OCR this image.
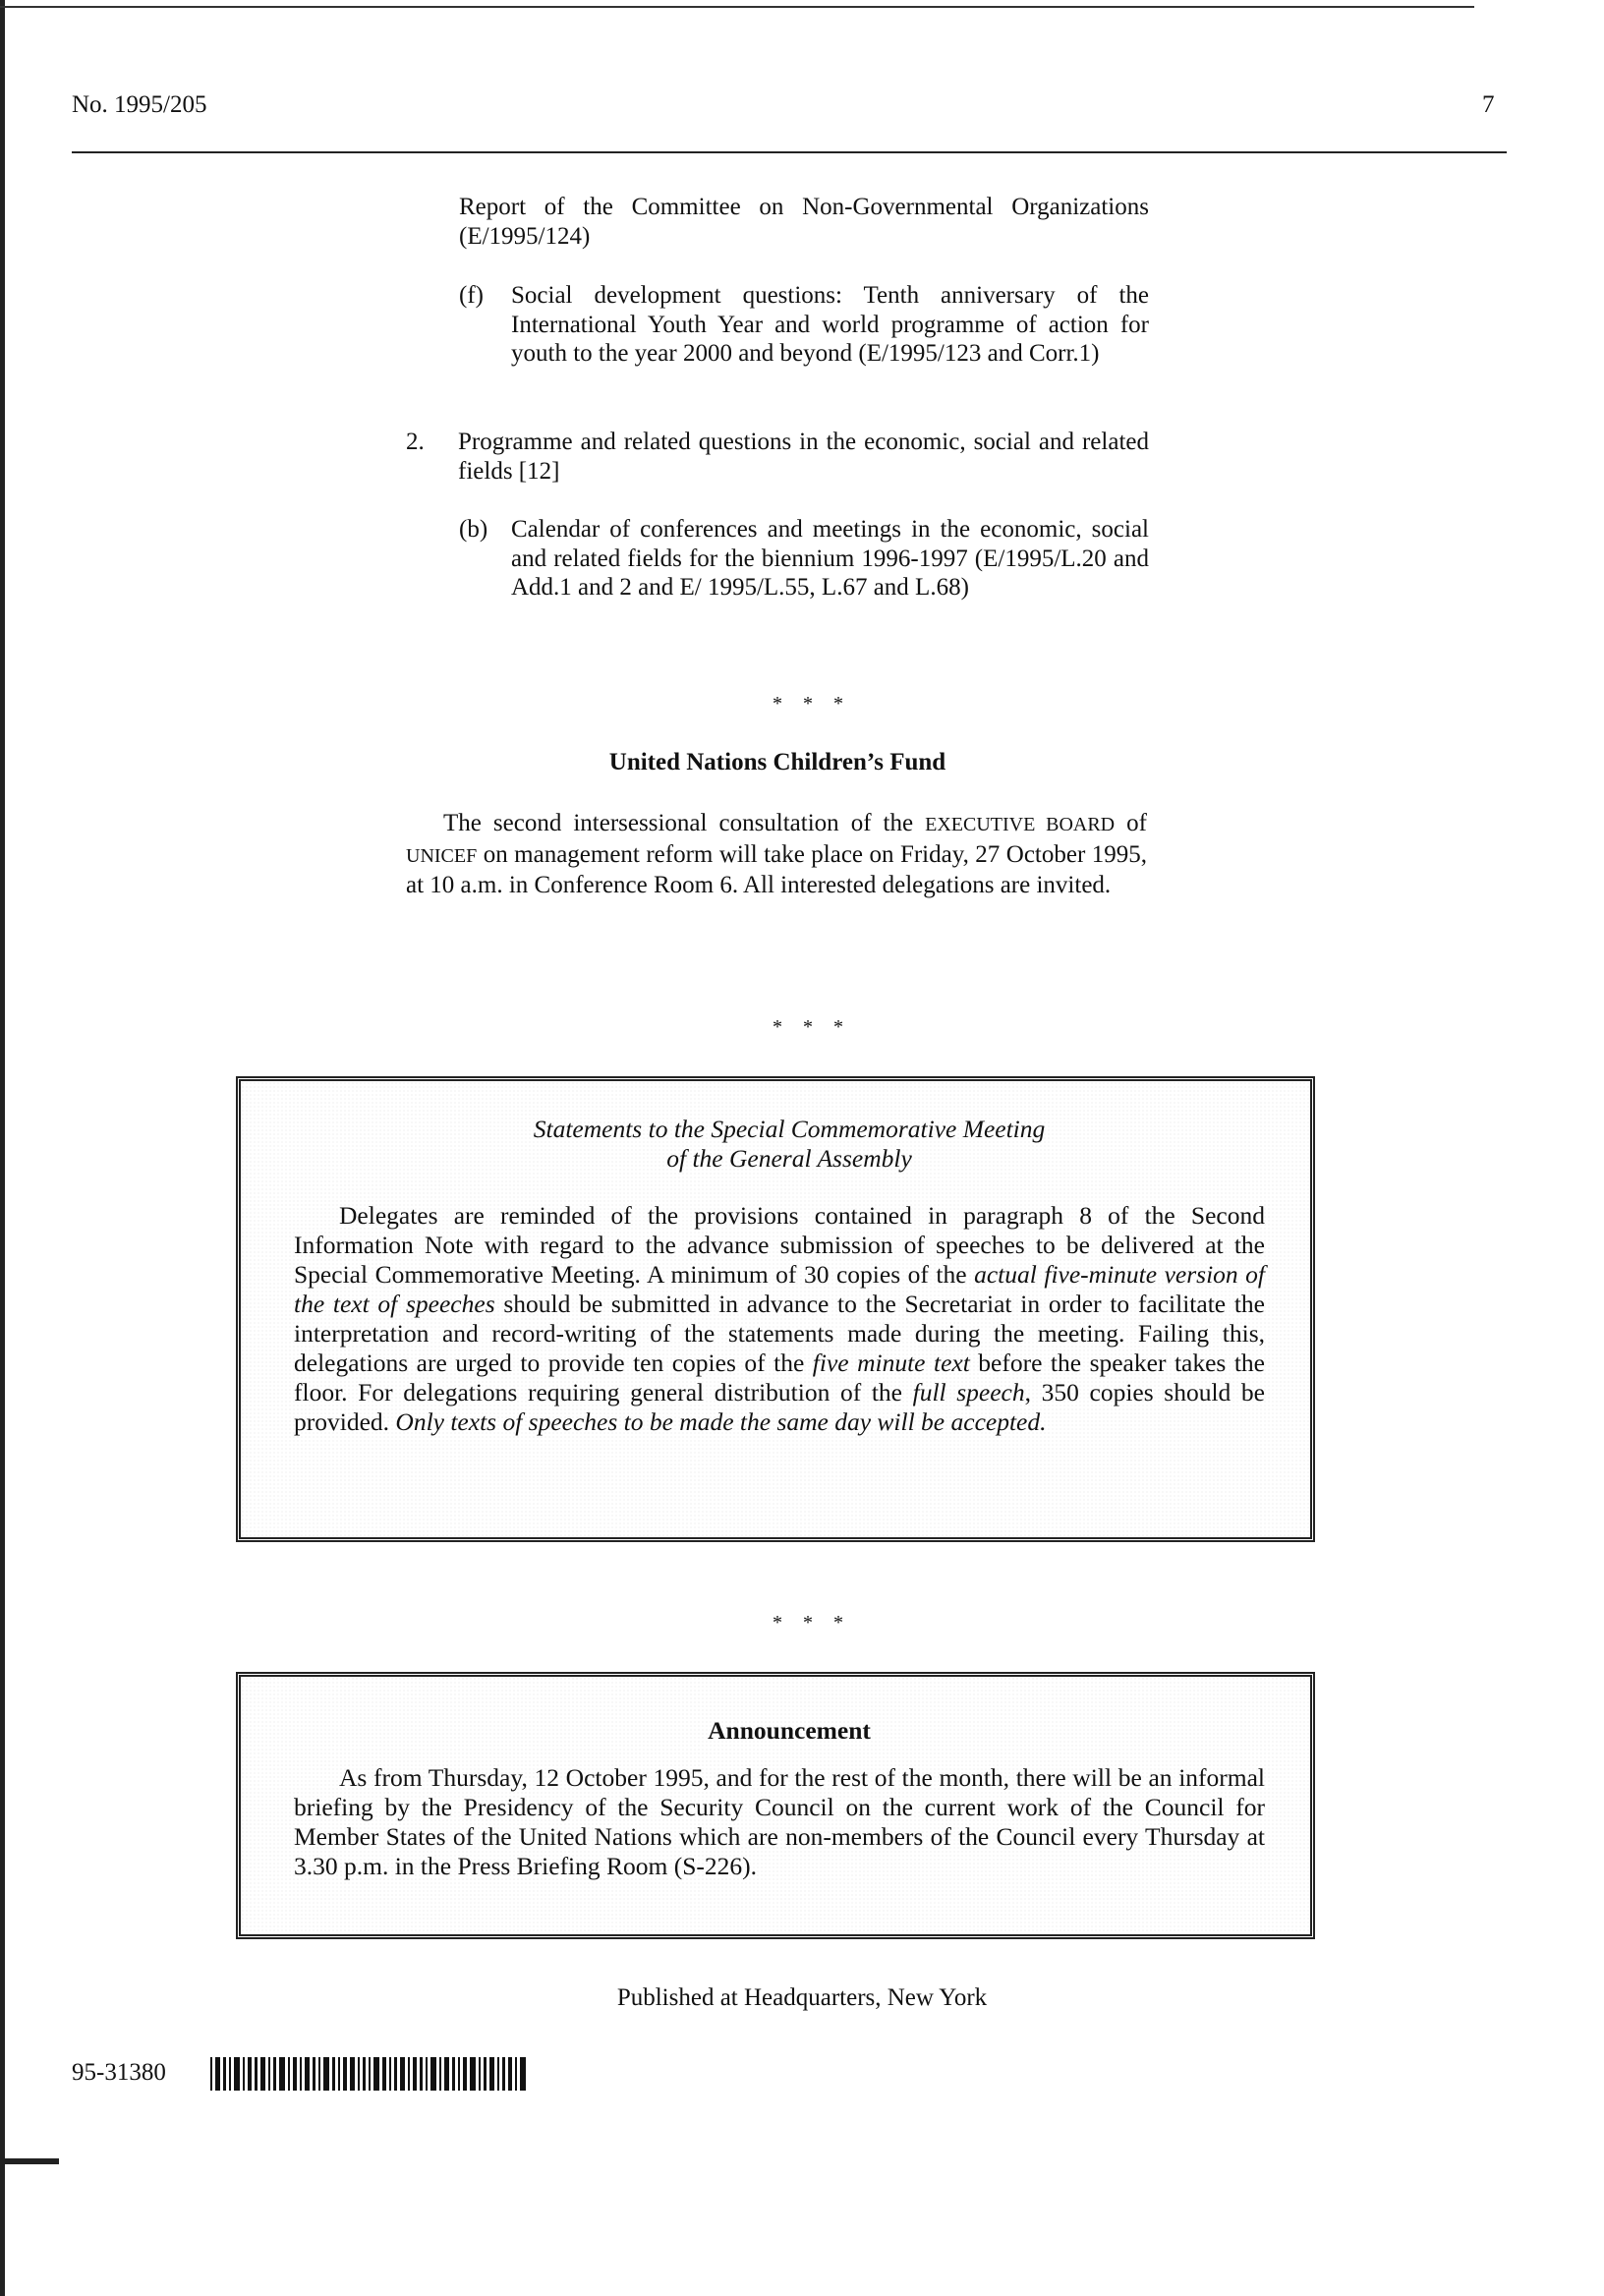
No. 1995/205	7
Report of the Committee on Non-Governmental Organizations (E/1995/124)
(f)	Social development questions: Tenth anniversary of the International Youth Year and world programme of action for youth to the year 2000 and beyond (E/1995/123 and Corr.1)
2.	Programme and related questions in the economic, social and related fields [12]
(b) Calendar of conferences and meetings in the economic, social and related fields for the biennium 1996-1997 (E/1995/L.20 and Add.1 and 2 and E/ 1995/L.55, L.67 and L.68)
* * *
United Nations Children’s Fund
The second intersessional consultation of the EXECUTIVE BOARD of UNICEF on management reform will take place on Friday, 27 October 1995, at 10 a.m. in Conference Room 6. All interested delegations are invited.
* * *
Statements to the Special Commemorative Meeting
of the General Assembly
Delegates are reminded of the provisions contained in paragraph 8 of the Second Information Note with regard to the advance submission of speeches to be delivered at the Special Commemorative Meeting. A minimum of 30 copies of the actual five-minute version of the text of speeches should be submitted in advance to the Secretariat in order to facilitate the interpretation and record-writing of the statements made during the meeting. Failing this, delegations are urged to provide ten copies of the five minute text before the speaker takes the floor. For delegations requiring general distribution of the full speech, 350 copies should be provided. Only texts of speeches to be made the same day will be accepted.
* * *
Announcement
As from Thursday, 12 October 1995, and for the rest of the month, there will be an informal briefing by the Presidency of the Security Council on the current work of the Council for Member States of the United Nations which are non-members of the Council every Thursday at 3.30 p.m. in the Press Briefing Room (S-226).
Published at Headquarters, New York
95-31380
